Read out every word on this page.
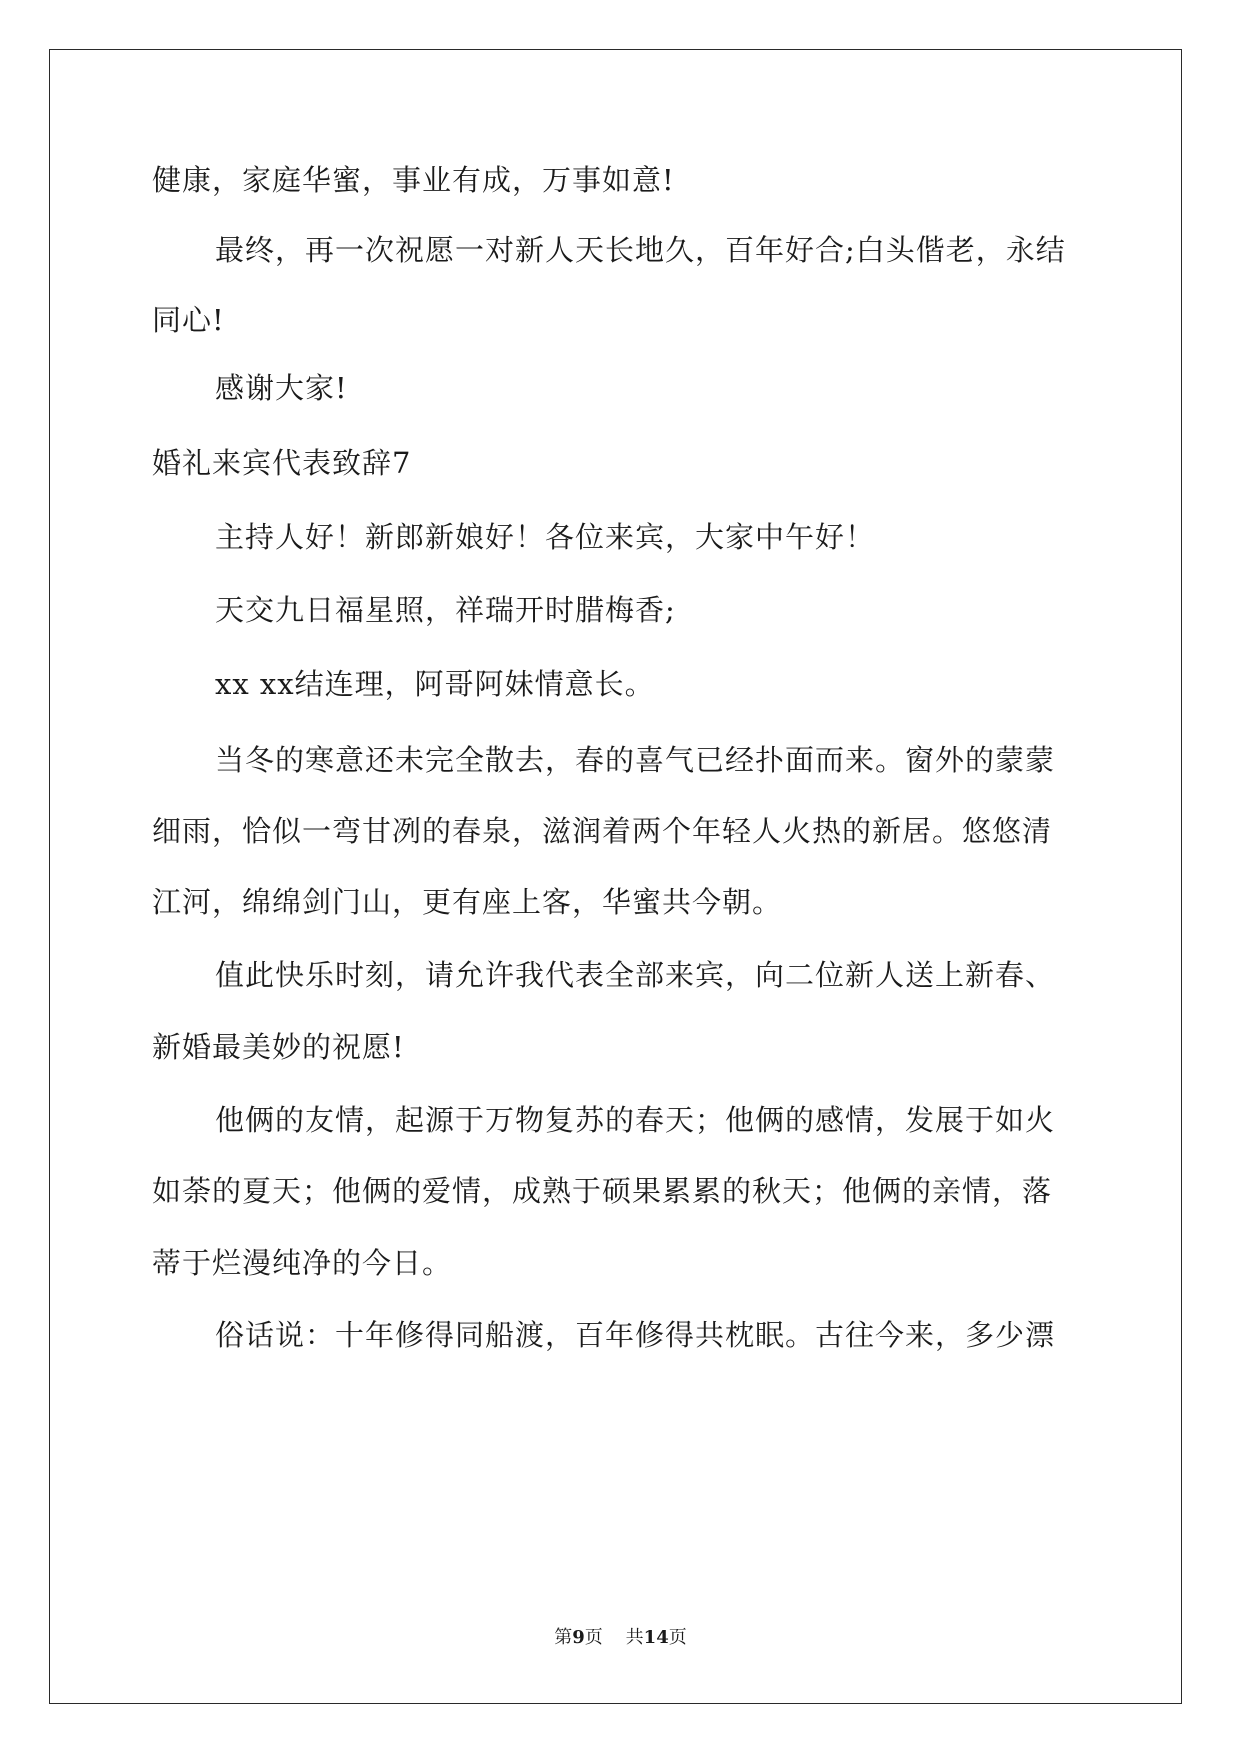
健康，家庭华蜜，事业有成，万事如意!
最终，再一次祝愿一对新人天长地久，百年好合;白头偕老，永结
同心!
感谢大家!
婚礼来宾代表致辞7
主持人好！新郎新娘好！各位来宾，大家中午好！
天交九日福星照，祥瑞开时腊梅香;
xx xx结连理，阿哥阿妹情意长。
当冬的寒意还未完全散去，春的喜气已经扑面而来。窗外的蒙蒙
细雨，恰似一弯甘冽的春泉，滋润着两个年轻人火热的新居。悠悠清
江河，绵绵剑门山，更有座上客，华蜜共今朝。
值此快乐时刻，请允许我代表全部来宾，向二位新人送上新春、
新婚最美妙的祝愿!
他俩的友情，起源于万物复苏的春天；他俩的感情，发展于如火
如荼的夏天；他俩的爱情，成熟于硕果累累的秋天；他俩的亲情，落
蒂于烂漫纯净的今日。
俗话说：十年修得同船渡，百年修得共枕眠。古往今来，多少漂
第9页 共14页
